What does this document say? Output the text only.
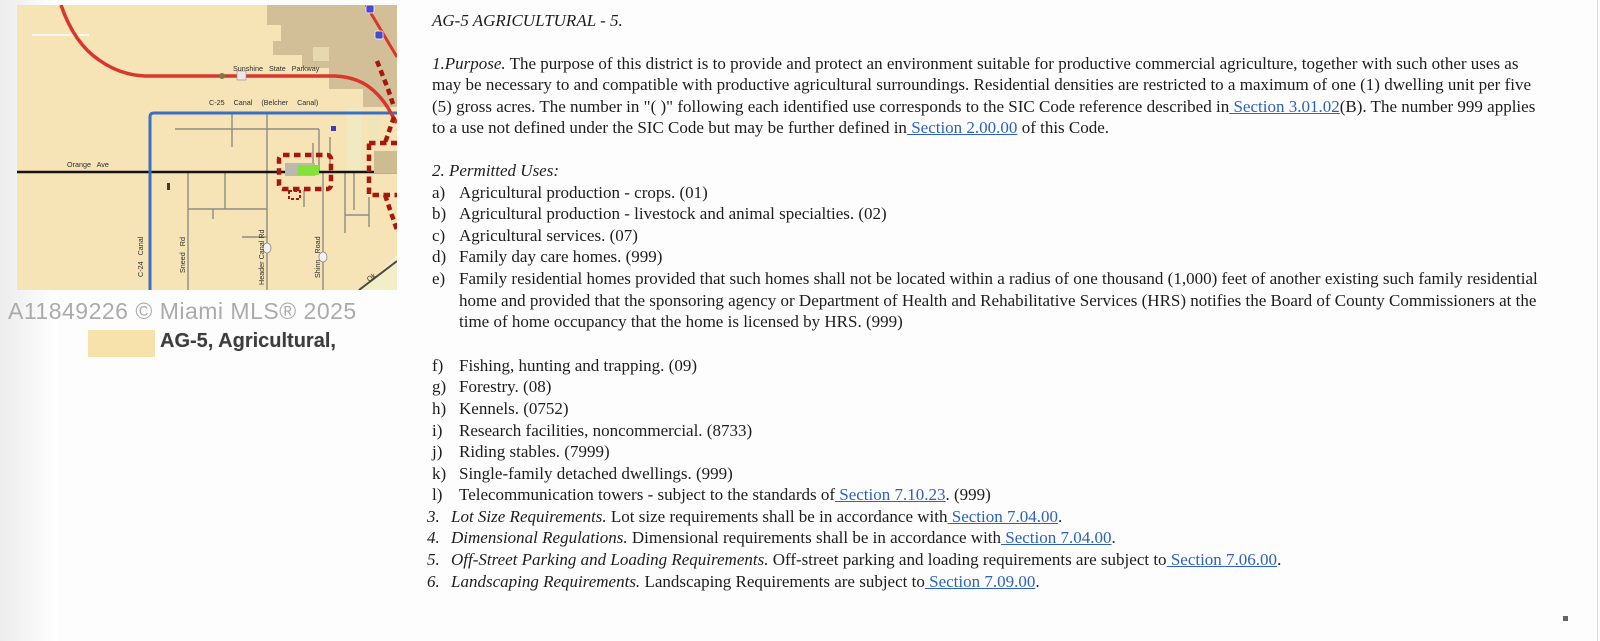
Sunshine State Parkway
C-25 Canal (Belcher Canal)
Orange Ave
C-24 Canal	Sneed Rd	Header Canal Rd	Shinn Road	Ok
A11849226 © Miami MLS® 2025
AG-5, Agricultural,

AG-5 AGRICULTURAL - 5.

1.Purpose. The purpose of this district is to provide and protect an environment suitable for productive commercial agriculture, together with such other uses as may be necessary to and compatible with productive agricultural surroundings. Residential densities are restricted to a maximum of one (1) dwelling unit per five (5) gross acres. The number in "( )" following each identified use corresponds to the SIC Code reference described in Section 3.01.02(B). The number 999 applies to a use not defined under the SIC Code but may be further defined in Section 2.00.00 of this Code.

2. Permitted Uses:

a) Agricultural production - crops. (01)
b) Agricultural production - livestock and animal specialties. (02)
c) Agricultural services. (07)
d) Family day care homes. (999)
e) Family residential homes provided that such homes shall not be located within a radius of one thousand (1,000) feet of another existing such family residential home and provided that the sponsoring agency or Department of Health and Rehabilitative Services (HRS) notifies the Board of County Commissioners at the time of home occupancy that the home is licensed by HRS. (999)
f) Fishing, hunting and trapping. (09)
g) Forestry. (08)
h) Kennels. (0752)
i) Research facilities, noncommercial. (8733)
j) Riding stables. (7999)
k) Single-family detached dwellings. (999)
l) Telecommunication towers - subject to the standards of Section 7.10.23. (999)
3. Lot Size Requirements. Lot size requirements shall be in accordance with Section 7.04.00.
4. Dimensional Regulations. Dimensional requirements shall be in accordance with Section 7.04.00.
5. Off-Street Parking and Loading Requirements. Off-street parking and loading requirements are subject to Section 7.06.00.
6. Landscaping Requirements. Landscaping Requirements are subject to Section 7.09.00.
